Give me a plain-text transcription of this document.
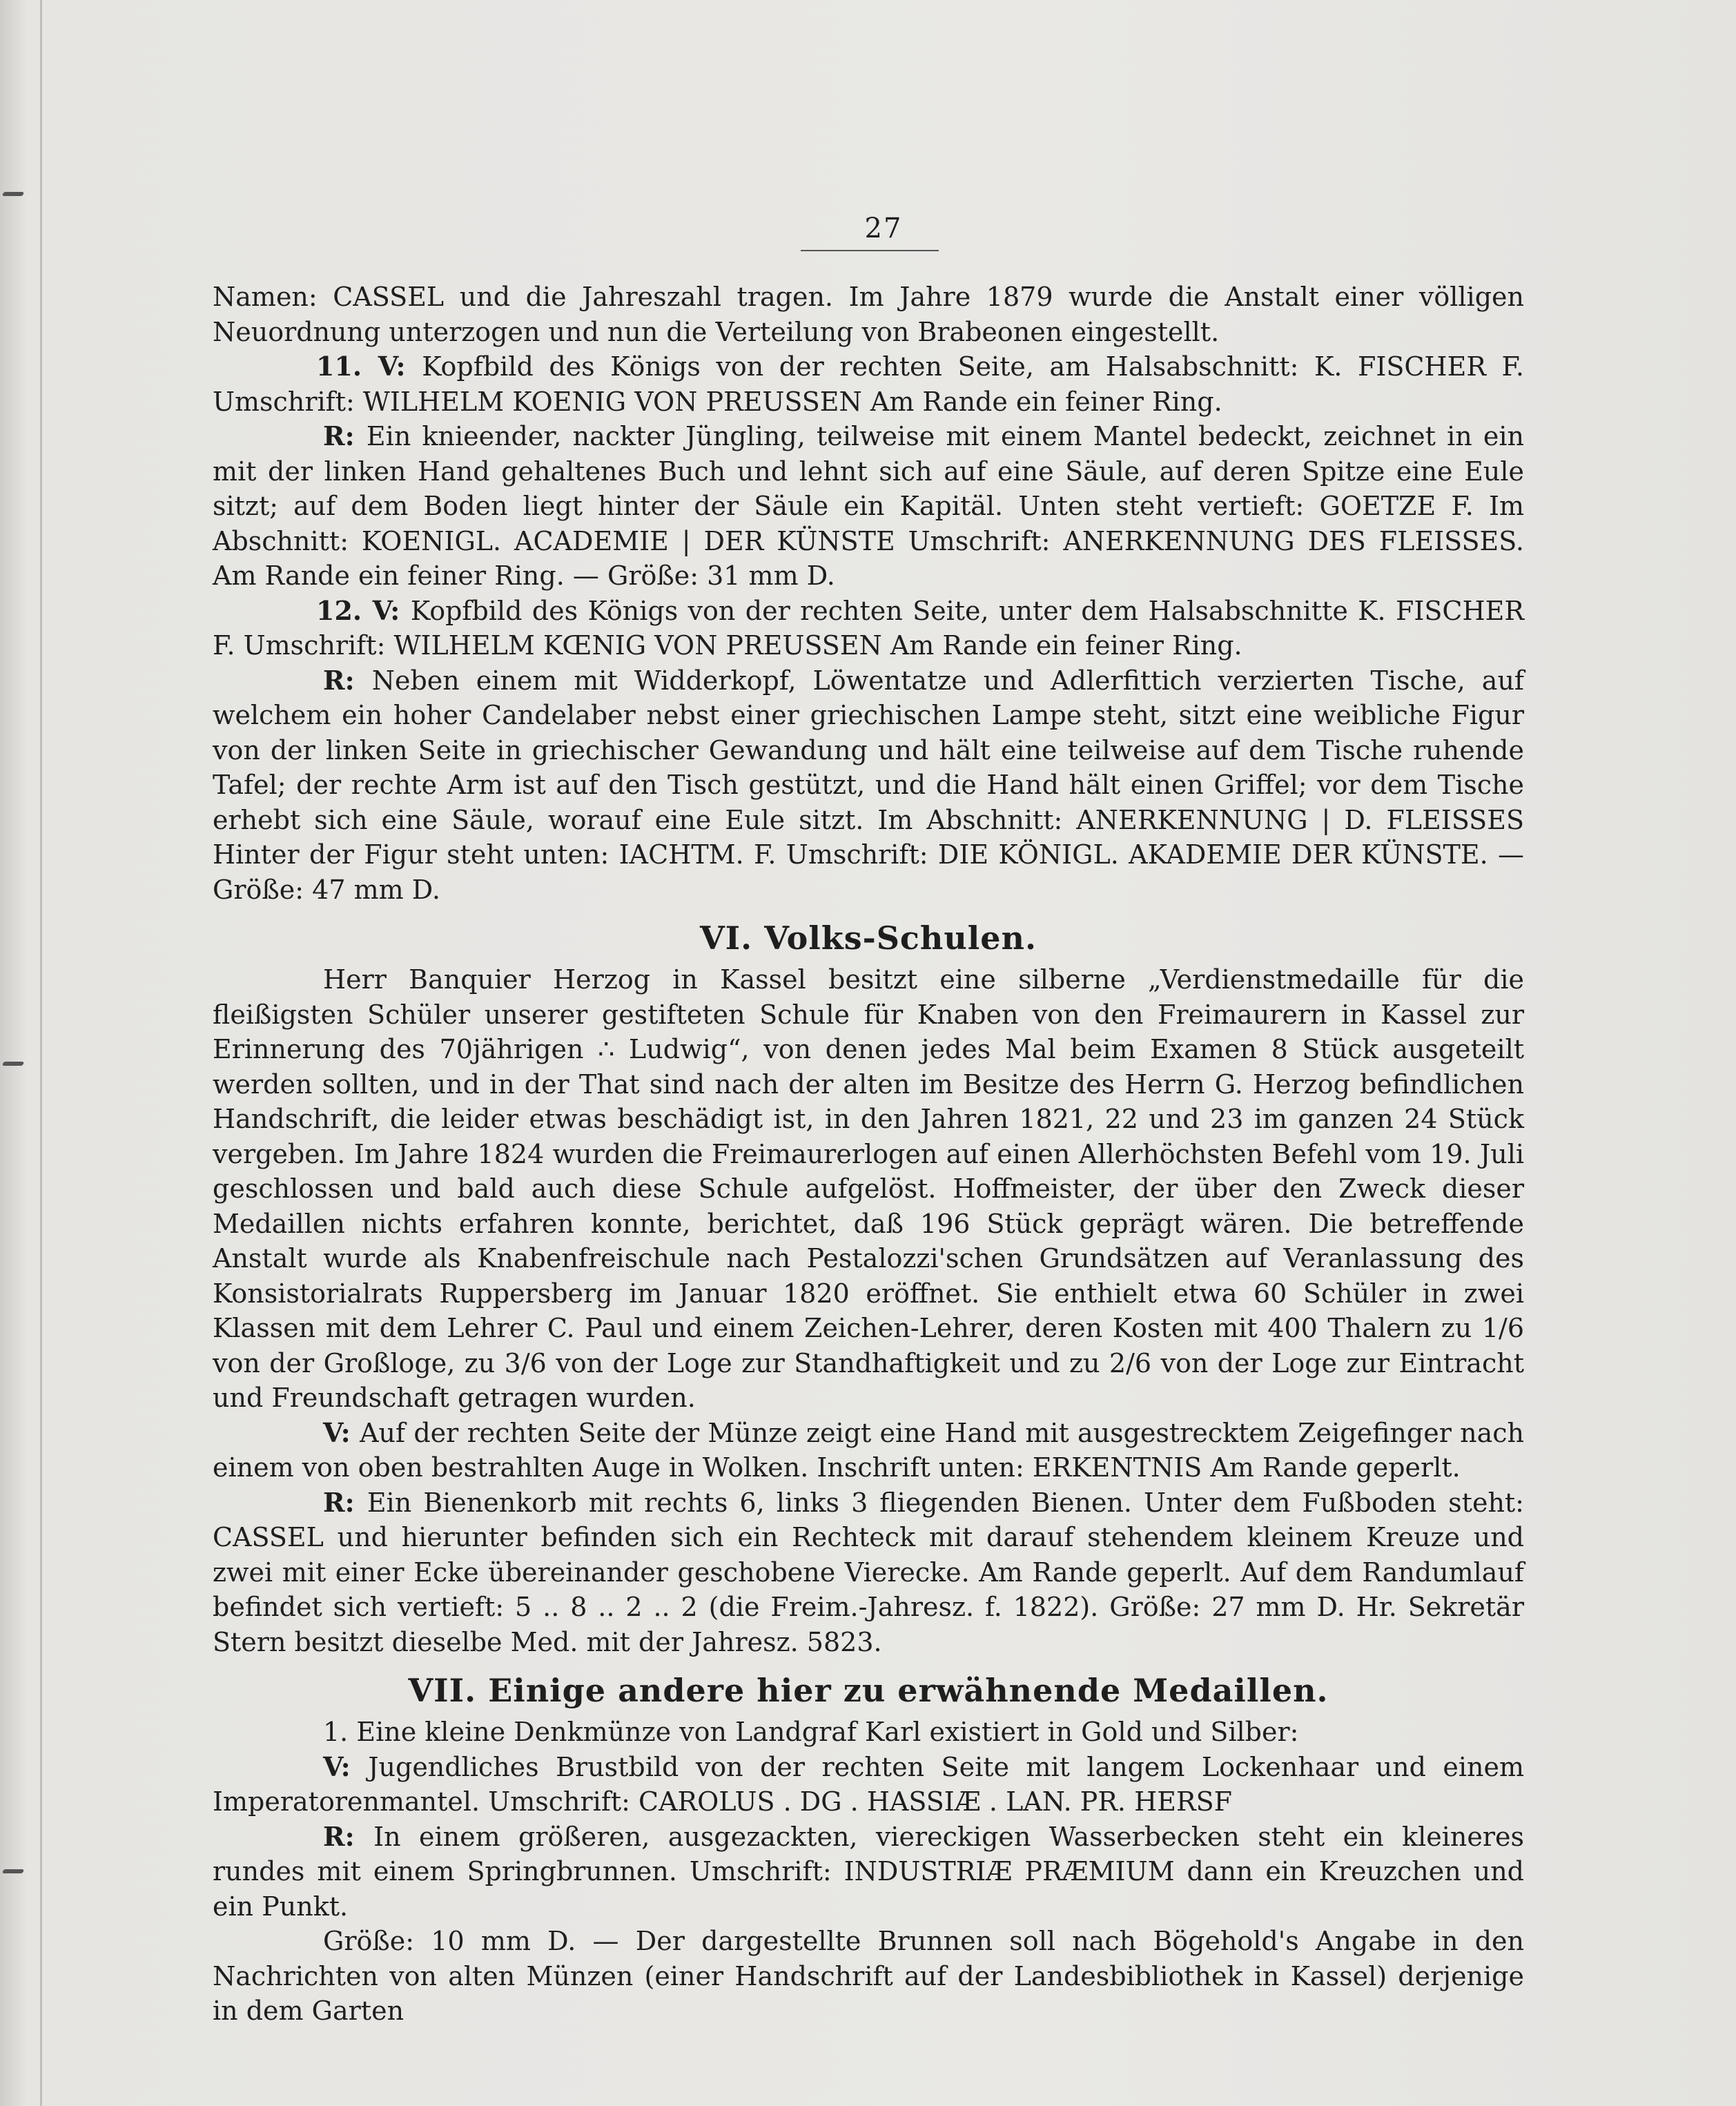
27

Namen: CASSEL und die Jahreszahl tragen. Im Jahre 1879 wurde die Anstalt einer völligen Neuordnung unterzogen und nun die Verteilung von Brabeonen eingestellt.

11. V: Kopfbild des Königs von der rechten Seite, am Halsabschnitt: K. FISCHER F. Umschrift: WILHELM KOENIG VON PREUSSEN Am Rande ein feiner Ring.

R: Ein knieender, nackter Jüngling, teilweise mit einem Mantel bedeckt, zeichnet in ein mit der linken Hand gehaltenes Buch und lehnt sich auf eine Säule, auf deren Spitze eine Eule sitzt; auf dem Boden liegt hinter der Säule ein Kapitäl. Unten steht vertieft: GOETZE F. Im Abschnitt: KOENIGL. ACADEMIE | DER KÜNSTE Umschrift: ANERKENNUNG DES FLEISSES. Am Rande ein feiner Ring. — Größe: 31 mm D.

12. V: Kopfbild des Königs von der rechten Seite, unter dem Halsabschnitte K. FISCHER F. Umschrift: WILHELM KŒNIG VON PREUSSEN Am Rande ein feiner Ring.

R: Neben einem mit Widderkopf, Löwentatze und Adlerfittich verzierten Tische, auf welchem ein hoher Candelaber nebst einer griechischen Lampe steht, sitzt eine weibliche Figur von der linken Seite in griechischer Gewandung und hält eine teilweise auf dem Tische ruhende Tafel; der rechte Arm ist auf den Tisch gestützt, und die Hand hält einen Griffel; vor dem Tische erhebt sich eine Säule, worauf eine Eule sitzt. Im Abschnitt: ANERKENNUNG | D. FLEISSES Hinter der Figur steht unten: IACHTM. F. Umschrift: DIE KÖNIGL. AKADEMIE DER KÜNSTE. — Größe: 47 mm D.

VI. Volks-Schulen.

Herr Banquier Herzog in Kassel besitzt eine silberne „Verdienstmedaille für die fleißigsten Schüler unserer gestifteten Schule für Knaben von den Freimaurern in Kassel zur Erinnerung des 70jährigen ∴ Ludwig“, von denen jedes Mal beim Examen 8 Stück ausgeteilt werden sollten, und in der That sind nach der alten im Besitze des Herrn G. Herzog befindlichen Handschrift, die leider etwas beschädigt ist, in den Jahren 1821, 22 und 23 im ganzen 24 Stück vergeben. Im Jahre 1824 wurden die Freimaurerlogen auf einen Allerhöchsten Befehl vom 19. Juli geschlossen und bald auch diese Schule aufgelöst. Hoffmeister, der über den Zweck dieser Medaillen nichts erfahren konnte, berichtet, daß 196 Stück geprägt wären. Die betreffende Anstalt wurde als Knabenfreischule nach Pestalozzi'schen Grundsätzen auf Veranlassung des Konsistorialrats Ruppersberg im Januar 1820 eröffnet. Sie enthielt etwa 60 Schüler in zwei Klassen mit dem Lehrer C. Paul und einem Zeichen-Lehrer, deren Kosten mit 400 Thalern zu 1/6 von der Großloge, zu 3/6 von der Loge zur Standhaftigkeit und zu 2/6 von der Loge zur Eintracht und Freundschaft getragen wurden.

V: Auf der rechten Seite der Münze zeigt eine Hand mit ausgestrecktem Zeigefinger nach einem von oben bestrahlten Auge in Wolken. Inschrift unten: ERKENTNIS Am Rande geperlt.

R: Ein Bienenkorb mit rechts 6, links 3 fliegenden Bienen. Unter dem Fußboden steht: CASSEL und hierunter befinden sich ein Rechteck mit darauf stehendem kleinem Kreuze und zwei mit einer Ecke übereinander geschobene Vierecke. Am Rande geperlt. Auf dem Randumlauf befindet sich vertieft: 5 .. 8 .. 2 .. 2 (die Freim.-Jahresz. f. 1822). Größe: 27 mm D. Hr. Sekretär Stern besitzt dieselbe Med. mit der Jahresz. 5823.

VII. Einige andere hier zu erwähnende Medaillen.

1. Eine kleine Denkmünze von Landgraf Karl existiert in Gold und Silber:

V: Jugendliches Brustbild von der rechten Seite mit langem Lockenhaar und einem Imperatorenmantel. Umschrift: CAROLUS . DG . HASSIÆ . LAN. PR. HERSF

R: In einem größeren, ausgezackten, viereckigen Wasserbecken steht ein kleineres rundes mit einem Springbrunnen. Umschrift: INDUSTRIÆ PRÆMIUM dann ein Kreuzchen und ein Punkt.

Größe: 10 mm D. — Der dargestellte Brunnen soll nach Bögehold's Angabe in den Nachrichten von alten Münzen (einer Handschrift auf der Landesbibliothek in Kassel) derjenige in dem Garten
